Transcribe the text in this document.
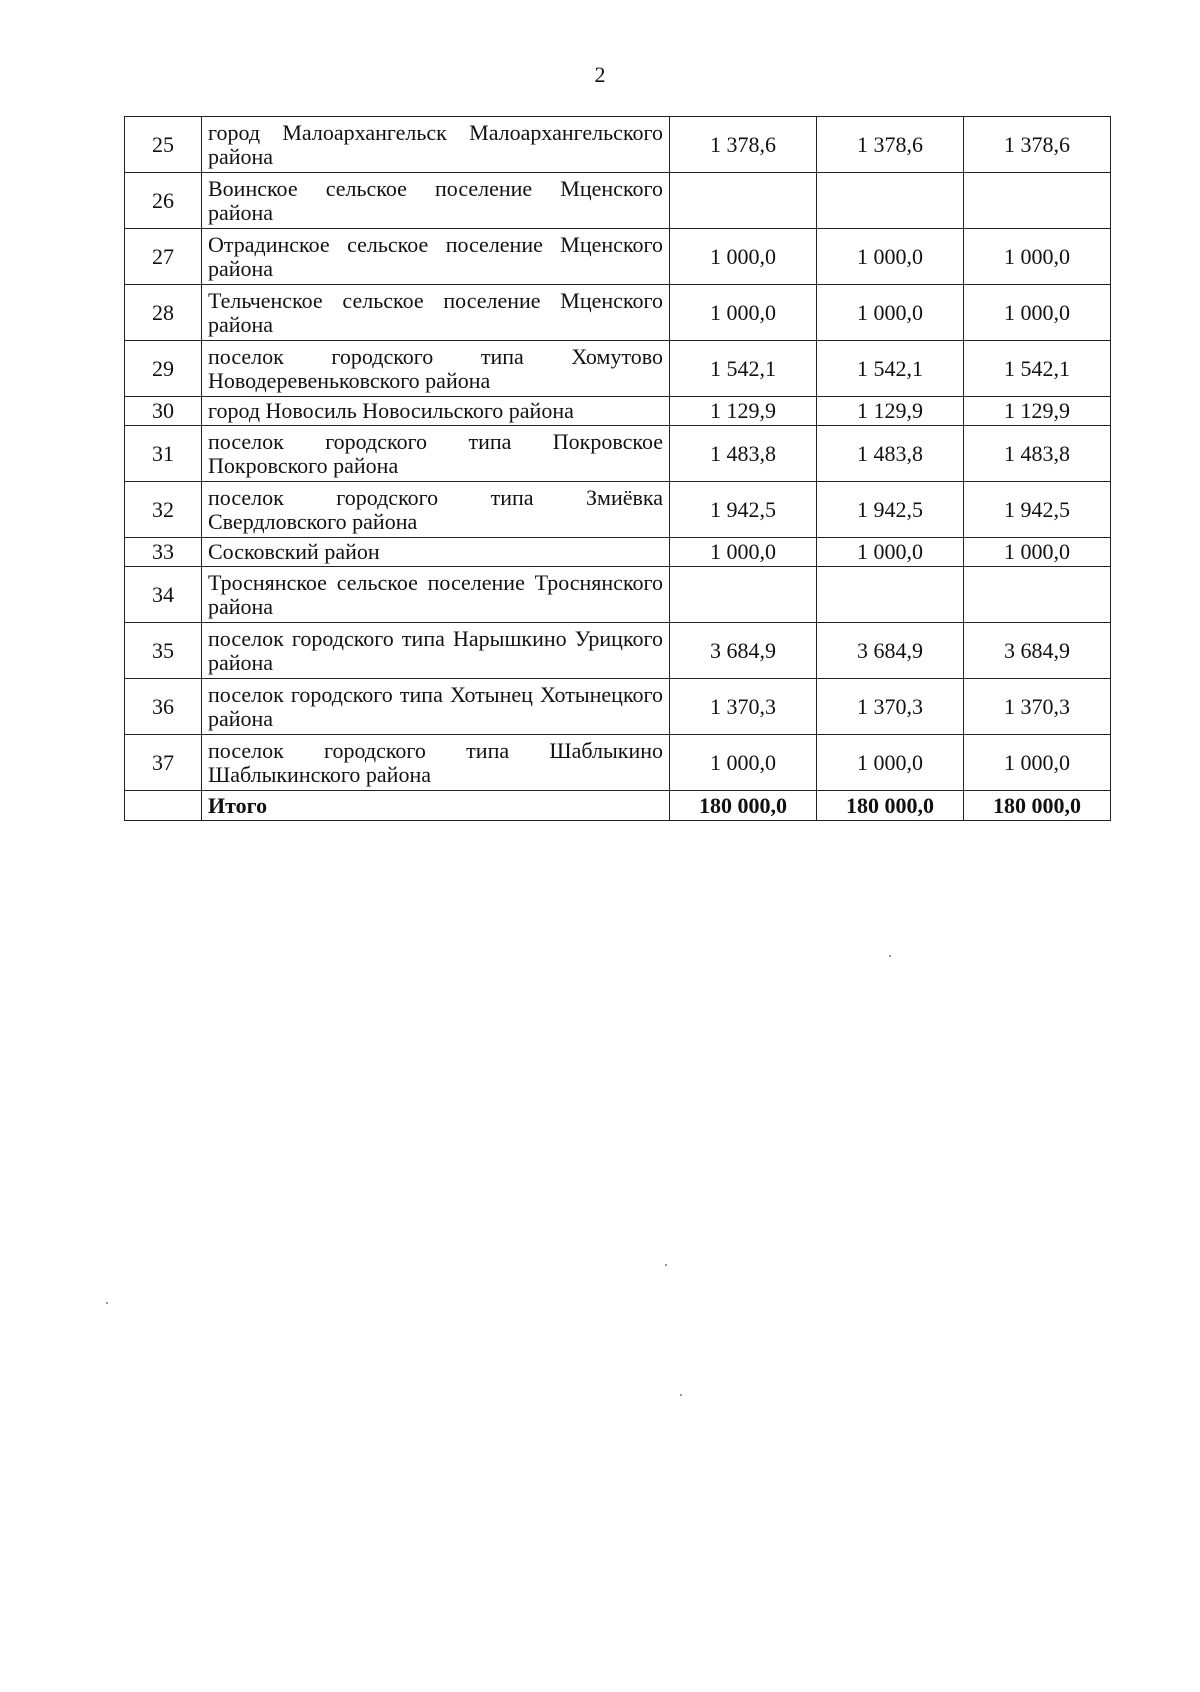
2
25	город Малоархангельск Малоархангельского района	1 378,6	1 378,6	1 378,6
26	Воинское сельское поселение Мценского района			
27	Отрадинское сельское поселение Мценского района	1 000,0	1 000,0	1 000,0
28	Тельченское сельское поселение Мценского района	1 000,0	1 000,0	1 000,0
29	поселок городского типа Хомутово Новодеревеньковского района	1 542,1	1 542,1	1 542,1
30	город Новосиль Новосильского района	1 129,9	1 129,9	1 129,9
31	поселок городского типа Покровское Покровского района	1 483,8	1 483,8	1 483,8
32	поселок городского типа Змиёвка Свердловского района	1 942,5	1 942,5	1 942,5
33	Сосковский район	1 000,0	1 000,0	1 000,0
34	Троснянское сельское поселение Троснянского района			
35	поселок городского типа Нарышкино Урицкого района	3 684,9	3 684,9	3 684,9
36	поселок городского типа Хотынец Хотынецкого района	1 370,3	1 370,3	1 370,3
37	поселок городского типа Шаблыкино Шаблыкинского района	1 000,0	1 000,0	1 000,0
	Итого	180 000,0	180 000,0	180 000,0
